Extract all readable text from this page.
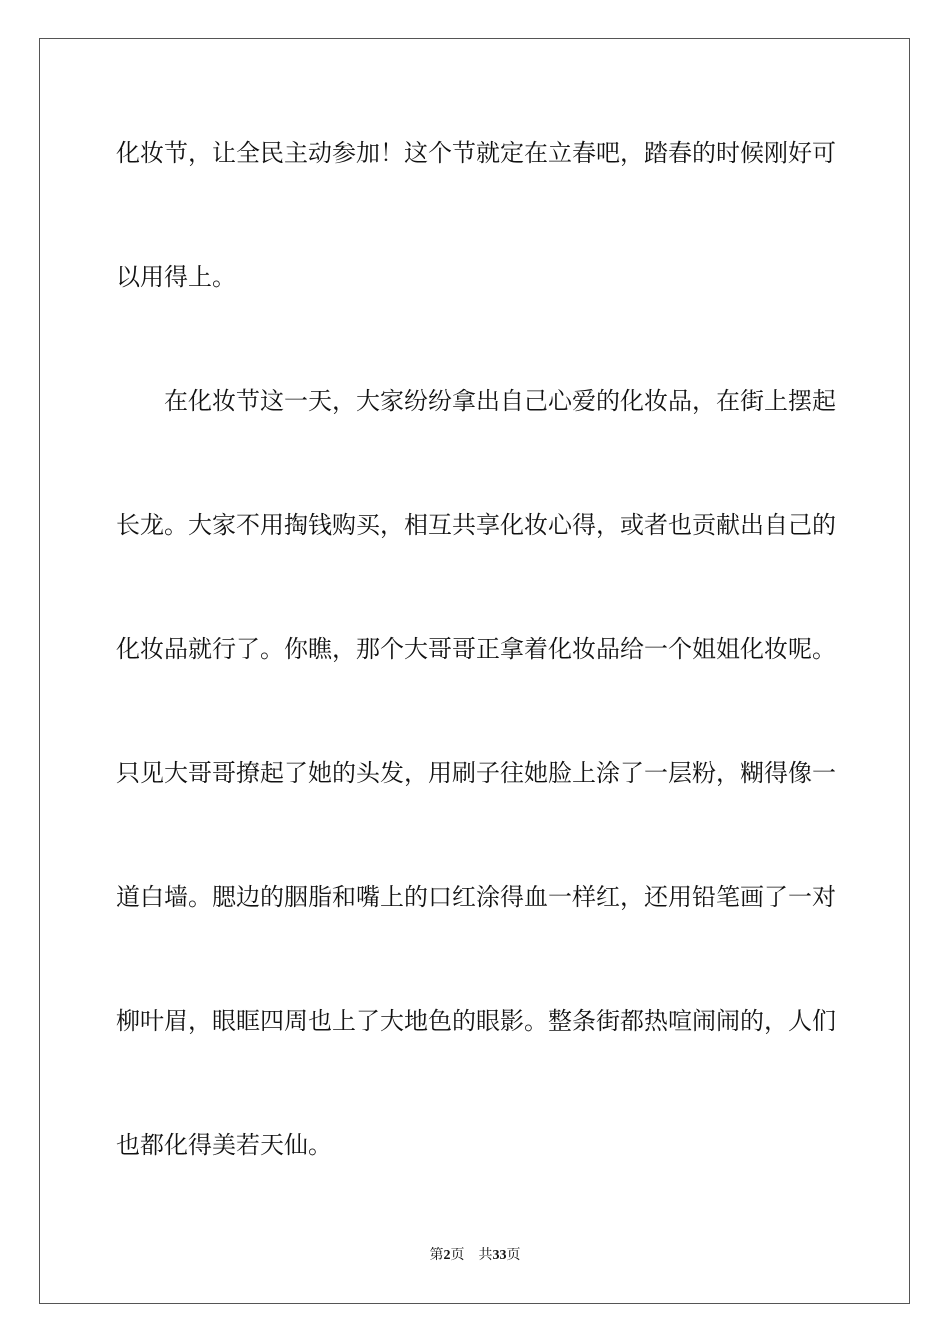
化妆节，让全民主动参加！这个节就定在立春吧，踏春的时候刚好可
以用得上。
在化妆节这一天，大家纷纷拿出自己心爱的化妆品，在街上摆起
长龙。大家不用掏钱购买，相互共享化妆心得，或者也贡献出自己的
化妆品就行了。你瞧，那个大哥哥正拿着化妆品给一个姐姐化妆呢。
只见大哥哥撩起了她的头发，用刷子往她脸上涂了一层粉，糊得像一
道白墙。腮边的胭脂和嘴上的口红涂得血一样红，还用铅笔画了一对
柳叶眉，眼眶四周也上了大地色的眼影。整条街都热喧闹闹的，人们
也都化得美若天仙。
第2页 共33页
